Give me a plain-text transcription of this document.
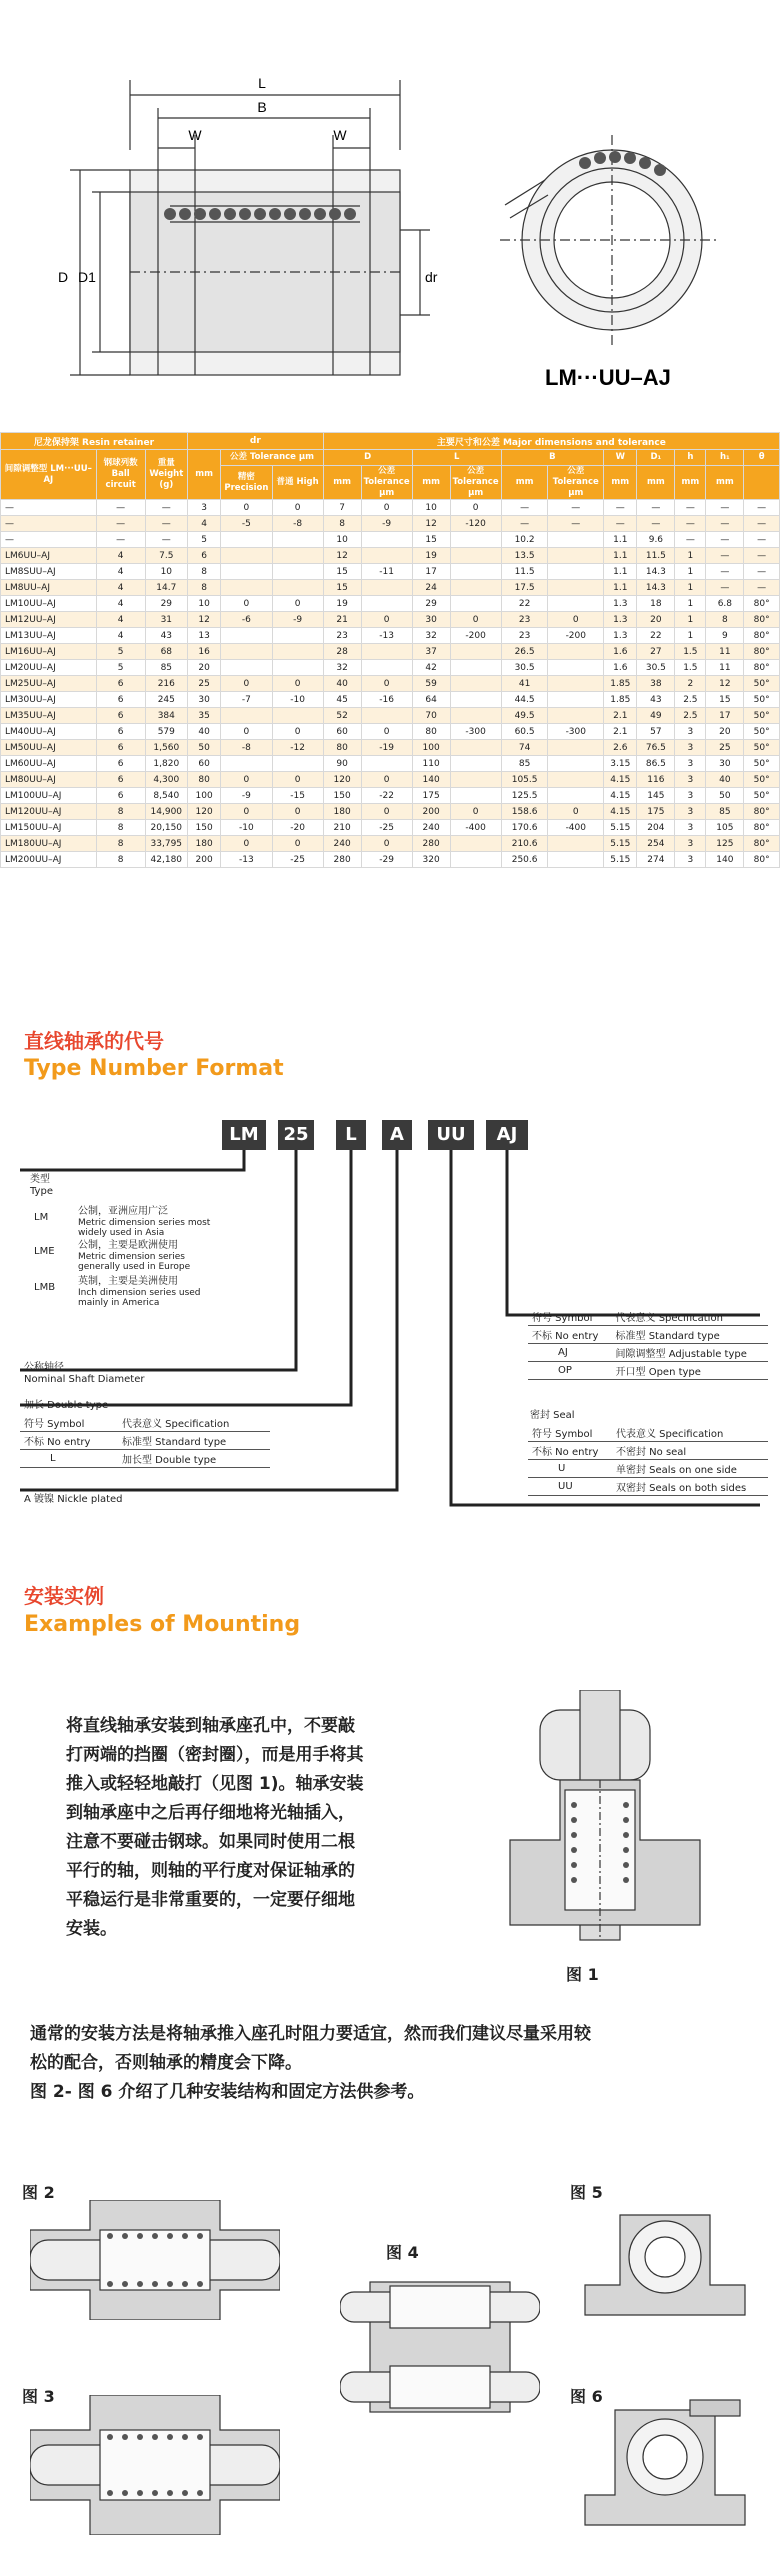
L
B
W	W
D D1	dr
LM···UU–AJ
尼龙保持架 Resin retainer			dr			主要尺寸和公差 Major dimensions and tolerance										
间隙调整型 LM···UU–AJ	钢球列数 Ball circuit	重量 Weight (g)	mm	公差 Tolerance μm		D		L		B		W	D₁	h	h₁	θ
				精密 Precision	普通 High	mm	公差 Tolerance μm	mm	公差 Tolerance μm	mm	公差 Tolerance μm					
												mm	mm	mm	mm	
—	—	—	3	0	0	7	0	10	0	—	—	—	—	—	—	—
—	—	—	4	-5	-8	8	-9	12	-120	—	—	—	—	—	—	—
—	—	—	5			10		15		10.2		1.1	9.6	—	—	—
LM6UU–AJ	4	7.5	6			12		19		13.5		1.1	11.5	1	—	—
LM8SUU–AJ	4	10	8			15	-11	17		11.5		1.1	14.3	1	—	—
LM8UU–AJ	4	14.7	8			15		24		17.5		1.1	14.3	1	—	—
LM10UU–AJ	4	29	10	0	0	19		29		22		1.3	18	1	6.8	80°
LM12UU–AJ	4	31	12	-6	-9	21	0	30	0	23	0	1.3	20	1	8	80°
LM13UU–AJ	4	43	13			23	-13	32	-200	23	-200	1.3	22	1	9	80°
LM16UU–AJ	5	68	16			28		37		26.5		1.6	27	1.5	11	80°
LM20UU–AJ	5	85	20			32		42		30.5		1.6	30.5	1.5	11	80°
LM25UU–AJ	6	216	25	0	0	40	0	59		41		1.85	38	2	12	50°
LM30UU–AJ	6	245	30	-7	-10	45	-16	64		44.5		1.85	43	2.5	15	50°
LM35UU–AJ	6	384	35			52		70		49.5		2.1	49	2.5	17	50°
LM40UU–AJ	6	579	40	0	0	60	0	80	-300	60.5	-300	2.1	57	3	20	50°
LM50UU–AJ	6	1,560	50	-8	-12	80	-19	100		74		2.6	76.5	3	25	50°
LM60UU–AJ	6	1,820	60			90		110		85		3.15	86.5	3	30	50°
LM80UU–AJ	6	4,300	80	0	0	120	0	140		105.5		4.15	116	3	40	50°
LM100UU–AJ	6	8,540	100	-9	-15	150	-22	175		125.5		4.15	145	3	50	50°
LM120UU–AJ	8	14,900	120	0	0	180	0	200	0	158.6	0	4.15	175	3	85	80°
LM150UU–AJ	8	20,150	150	-10	-20	210	-25	240	-400	170.6	-400	5.15	204	3	105	80°
LM180UU–AJ	8	33,795	180	0	0	240	0	280		210.6		5.15	254	3	125	80°
LM200UU–AJ	8	42,180	200	-13	-25	280	-29	320		250.6		5.15	274	3	140	80°
直线轴承的代号
Type Number Format
LM	25	L	A	UU	AJ
类型
Type
LM
公制，亚洲应用广泛
Metric dimension series most widely used in Asia
LME
公制，主要是欧洲使用
Metric dimension series generally used in Europe
LMB
英制，主要是美洲使用
Inch dimension series used mainly in America
公称轴径
Nominal Shaft Diameter
加长 Double type
符号 Symbol	代表意义 Specification
不标 No entry	标准型 Standard type
L	加长型 Double type
A 镀镍 Nickle plated
符号 Symbol	代表意义 Specification
不标 No entry	标准型 Standard type
AJ	间隙调整型 Adjustable type
OP	开口型 Open type
密封 Seal
符号 Symbol	代表意义 Specification
不标 No entry	不密封 No seal
U	单密封 Seals on one side
UU	双密封 Seals on both sides
安装实例
Examples of Mounting
将直线轴承安装到轴承座孔中，不要敲
打两端的挡圈（密封圈），而是用手将其
推入或轻轻地敲打（见图 1)。轴承安装
到轴承座中之后再仔细地将光轴插入，
注意不要碰击钢球。如果同时使用二根
平行的轴，则轴的平行度对保证轴承的
平稳运行是非常重要的，一定要仔细地
安装。
图 1
通常的安装方法是将轴承推入座孔时阻力要适宜，然而我们建议尽量采用较
松的配合，否则轴承的精度会下降。
图 2- 图 6 介绍了几种安装结构和固定方法供参考。
图 2
图 3
图 4
图 5
图 6
